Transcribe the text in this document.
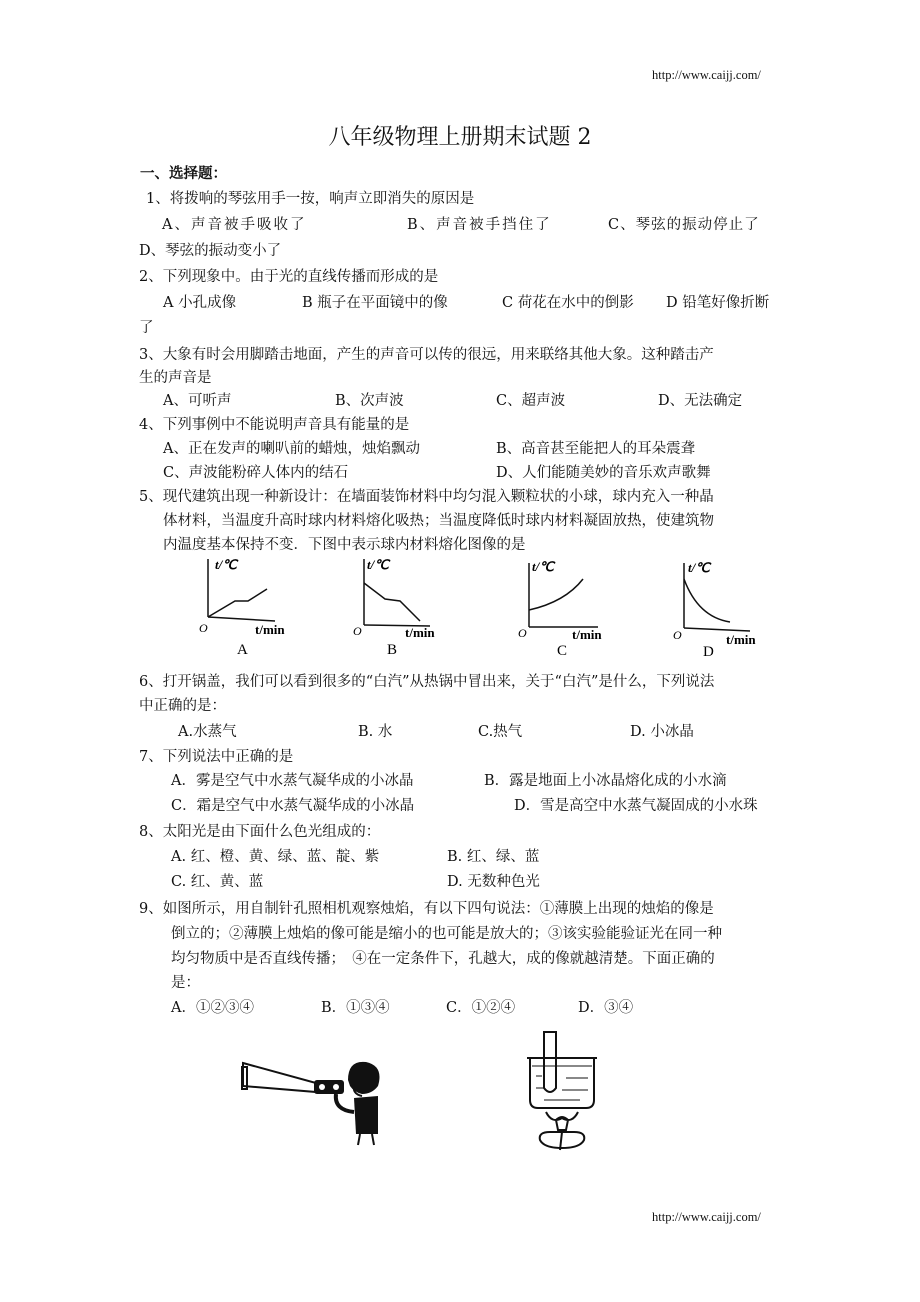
http://www.caijj.com/
八年级物理上册期末试题 2
一、选择题：
1、将拨响的琴弦用手一按，响声立即消失的原因是
A、声音被手吸收了	B、声音被手挡住了	C、琴弦的振动停止了
D、琴弦的振动变小了
2、下列现象中。由于光的直线传播而形成的是
A 小孔成像	B 瓶子在平面镜中的像	C 荷花在水中的倒影 D 铅笔好像折断
了
3、大象有时会用脚踏击地面，产生的声音可以传的很远，用来联络其他大象。这种踏击产
生的声音是
A、可听声	B、次声波	C、超声波	D、无法确定
4、下列事例中不能说明声音具有能量的是
A、正在发声的喇叭前的蜡烛，烛焰飘动	B、高音甚至能把人的耳朵震聋
C、声波能粉碎人体内的结石	D、人们能随美妙的音乐欢声歌舞
5、现代建筑出现一种新设计：在墙面装饰材料中均匀混入颗粒状的小球，球内充入一种晶
体材料，当温度升高时球内材料熔化吸热；当温度降低时球内材料凝固放热，使建筑物
内温度基本保持不变．下图中表示球内材料熔化图像的是
t/℃
O	t/min
A
t/℃
O	t/min
B
t/℃
O	t/min
C
t/℃
O	t/min
D
6、打开锅盖，我们可以看到很多的“白汽”从热锅中冒出来，关于“白汽”是什么，下列说法
中正确的是：
A.水蒸气	B. 水	C.热气	D. 小冰晶
7、下列说法中正确的是
A．雾是空气中水蒸气凝华成的小冰晶	B．露是地面上小冰晶熔化成的小水滴
C．霜是空气中水蒸气凝华成的小冰晶	D．雪是高空中水蒸气凝固成的小水珠
8、太阳光是由下面什么色光组成的：
A. 红、橙、黄、绿、蓝、靛、紫	B. 红、绿、蓝
C. 红、黄、蓝	D. 无数种色光
9、如图所示，用自制针孔照相机观察烛焰，有以下四句说法：①薄膜上出现的烛焰的像是
倒立的；②薄膜上烛焰的像可能是缩小的也可能是放大的；③该实验能验证光在同一种
均匀物质中是否直线传播；　④在一定条件下，孔越大，成的像就越清楚。下面正确的
是：
A．①②③④	B．①③④	C．①②④	D．③④
http://www.caijj.com/
